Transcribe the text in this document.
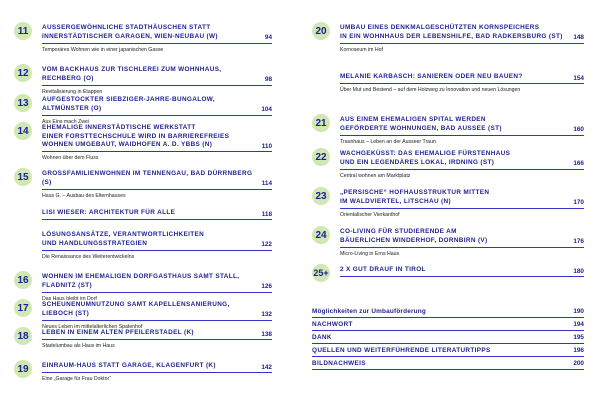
11	AUSSERGEWÖHNLICHE STADTHÄUSCHEN STATT
INNERSTÄDTISCHER GARAGEN, WIEN-NEUBAU (W)	94
Temporäres Wohnen wie in einer japanischen Gasse
12	VOM BACKHAUS ZUR TISCHLEREI ZUM WOHNHAUS, RECHBERG (O)	98
Revitalisierung in Etappen
13	AUFGESTOCKTER SIEBZIGER-JAHRE-BUNGALOW, ALTMÜNSTER (O)	104
Aus Eins mach Zwei
14	EHEMALIGE INNERSTÄDTISCHE WERKSTATT
EINER FORSTTECHSCHULE WIRD IN BARRIEREFREIES
WOHNEN UMGEBAUT, WAIDHOFEN A. D. YBBS (N)	110
Wohnen über dem Fluss
15	GROSSFAMILIENWOHNEN IM TENNENGAU, BAD DÜRRNBERG (S)	114
Haus G. – Ausbau des Elternhauses
LISI WIESER: ARCHITEKTUR FÜR ALLE	118
LÖSUNGSANSÄTZE, VERANTWORTLICHKEITEN
UND HANDLUNGSSTRATEGIEN	122
Die Renaissance des Weiterentwickelns
16	WOHNEN IM EHEMALIGEN DORFGASTHAUS SAMT STALL, FLADNITZ (ST)	126
Das Haus bleibt im Dorf
17	SCHEUNENUMNUTZUNG SAMT KAPELLENSANIERUNG, LIEBOCH (ST)	132
Neues Leben im mittelalterlichen Spatenhof
18	LEBEN IN EINEM ALTEN PFEILERSTADEL (K)	138
Stadelumbau als Haus im Haus
19	EINRAUM-HAUS STATT GARAGE, KLAGENFURT (K)	142
Eine „Garage für Frau Doktor“
20	UMBAU EINES DENKMALGESCHÜTZTEN KORNSPEICHERS
IN EIN WOHNHAUS DER LEBENSHILFE, BAD RADKERSBURG (ST) 148
Kornoseum im Hof
MELANIE KARBASCH: SANIEREN ODER NEU BAUEN?	154
Über Mut und Bestend – auf dem Holzweg zu Innovation und neuen Lösungen
21	AUS EINEM EHEMALIGEN SPITAL WERDEN
GEFÖRDERTE WOHNUNGEN, BAD AUSSEE (ST)	160
Traunhaus – Leben an der Ausseer Traun
22	WACHGEKÜSST: DAS EHEMALIGE FÜRSTENHAUS
UND EIN LEGENDÄRES LOKAL, IRDNING (ST)	166
Central wohnen am Marktplatz
23	„PERSISCHE“ HOFHAUSSTRUKTUR MITTEN
IM WALDVIERTEL, LITSCHAU (N)	170
Orientalischer Vierkanthof
24	CO-LIVING FÜR STUDIERENDE AM
BÄUERLICHEN WINDERHOF, DORNBIRN (V)	176
Micro-Living in Erns Haus
25+ 2 X GUT DRAUF IN TIROL	180
Möglichkeiten zur Umbauförderung	190
NACHWORT	194
DANK	195
QUELLEN UND WEITERFÜHRENDE LITERATURTIPPS	196
BILDNACHWEIS	200
